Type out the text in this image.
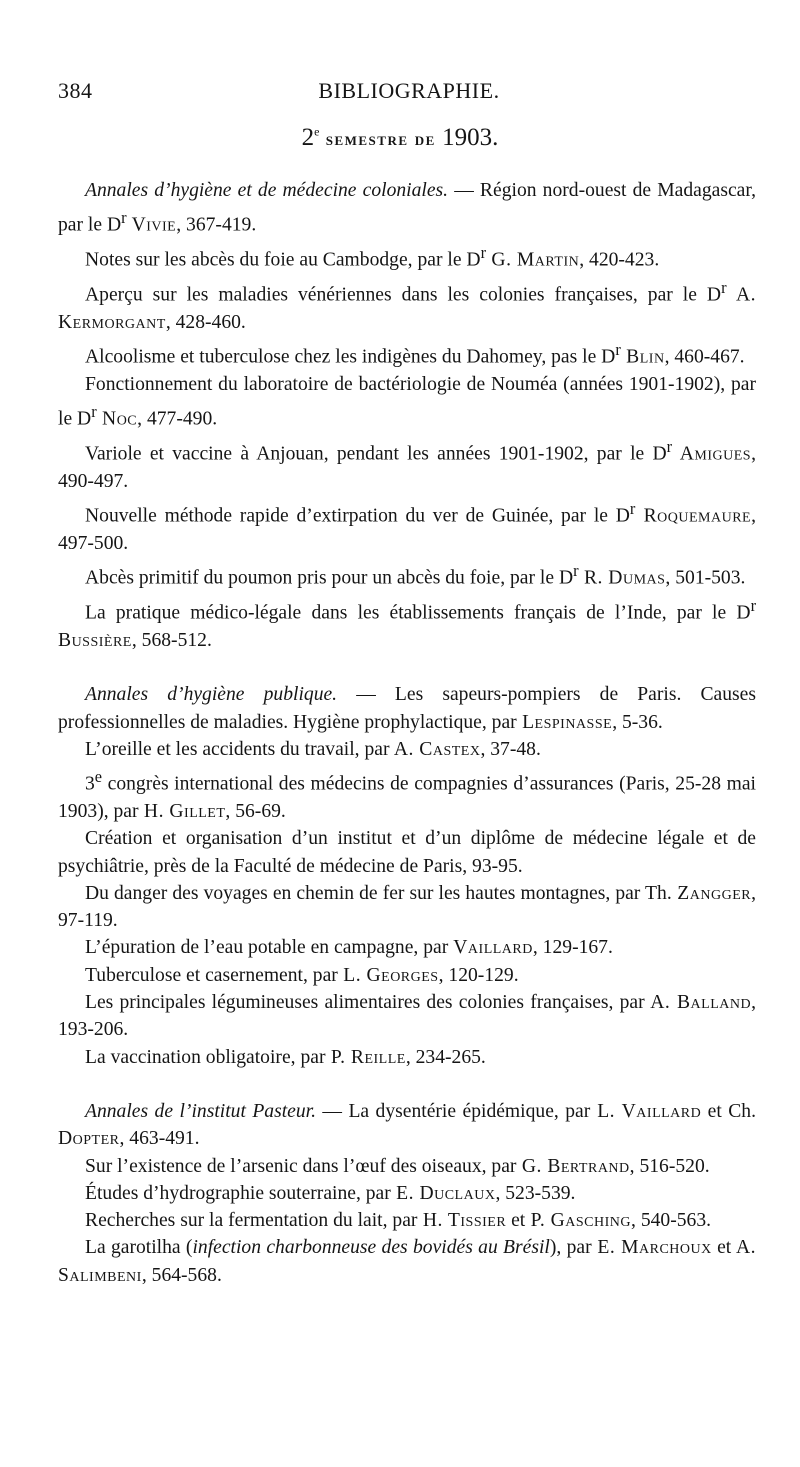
384	BIBLIOGRAPHIE.
2e SEMESTRE DE 1903.

Annales d’hygiène et de médecine coloniales. — Région nord-ouest de Madagascar, par le $D^r$ Vivie, 367-419.

Notes sur les abcès du foie au Cambodge, par le $D^r$ G. Martin, 420-423.

Aperçu sur les maladies vénériennes dans les colonies françaises, par le $D^r$ A. Kermorgant, 428-460.

Alcoolisme et tuberculose chez les indigènes du Dahomey, pas le $D^r$ Blin, 460-467.

Fonctionnement du laboratoire de bactériologie de Nouméa (années 1901-1902), par le $D^r$ Noc, 477-490.

Variole et vaccine à Anjouan, pendant les années 1901-1902, par le $D^r$ Amigues, 490-497.

Nouvelle méthode rapide d’extirpation du ver de Guinée, par le $D^r$ Roquemaure, 497-500.

Abcès primitif du poumon pris pour un abcès du foie, par le $D^r$ R. Dumas, 501-503.

La pratique médico-légale dans les établissements français de l’Inde, par le $D^r$ Bussière, 568-512.

Annales d’hygiène publique. — Les sapeurs-pompiers de Paris. Causes professionnelles de maladies. Hygiène prophylactique, par Lespinasse, 5-36.

L’oreille et les accidents du travail, par A. Castex, 37-48.

3e congrès international des médecins de compagnies d’assurances (Paris, 25-28 mai 1903), par H. Gillet, 56-69.

Création et organisation d’un institut et d’un diplôme de médecine légale et de psychiâtrie, près de la Faculté de médecine de Paris, 93-95.

Du danger des voyages en chemin de fer sur les hautes montagnes, par Th. Zangger, 97-119.

L’épuration de l’eau potable en campagne, par Vaillard, 129-167.

Tuberculose et casernement, par L. Georges, 120-129.

Les principales légumineuses alimentaires des colonies françaises, par A. Balland, 193-206.

La vaccination obligatoire, par P. Reille, 234-265.

Annales de l’institut Pasteur. — La dysentérie épidémique, par L. Vaillard et Ch. Dopter, 463-491.

Sur l’existence de l’arsenic dans l’œuf des oiseaux, par G. Bertrand, 516-520.

Études d’hydrographie souterraine, par E. Duclaux, 523-539.

Recherches sur la fermentation du lait, par H. Tissier et P. Gasching, 540-563.

La garotilha (infection charbonneuse des bovidés au Brésil), par E. Marchoux et A. Salimbeni, 564-568.
